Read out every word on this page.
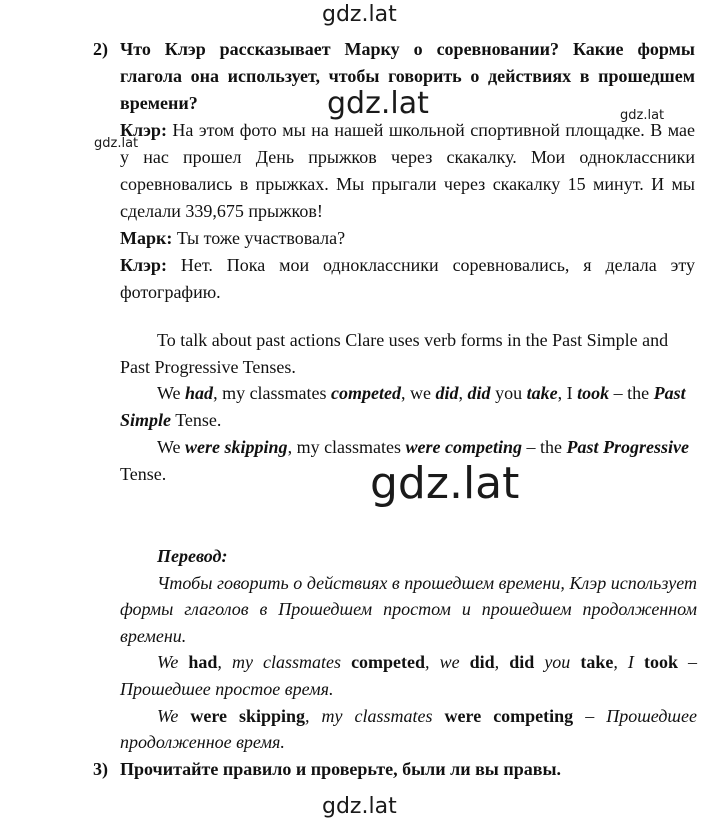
gdz.lat
2) Что Клэр рассказывает Марку о соревновании? Какие формы глагола она использует, чтобы говорить о действиях в прошедшем времени?	gdz.lat	gdz.lat
gdz.lat

Клэр: На этом фото мы на нашей школьной спортивной площадке. В мае у нас прошел День прыжков через скакалку. Мои одноклассники соревновались в прыжках. Мы прыгали через скакалку 15 минут. И мы сделали 339,675 прыжков!

Марк: Ты тоже участвовала?

Клэр: Нет. Пока мои одноклассники соревновались, я делала эту фотографию.

To talk about past actions Clare uses verb forms in the Past Simple and Past Progressive Tenses.

We had, my classmates competed, we did, did you take, I took – the Past Simple Tense.

We were skipping, my classmates were competing – the Past Progressive Tense.	gdz.lat

Перевод:

Чтобы говорить о действиях в прошедшем времени, Клэр использует формы глаголов в Прошедшем простом и прошедшем продолженном времени.

We had, my classmates competed, we did, did you take, I took – Прошедшее простое время.

We were skipping, my classmates were competing – Прошедшее продолженное время.

3) Прочитайте правило и проверьте, были ли вы правы.
gdz.lat
